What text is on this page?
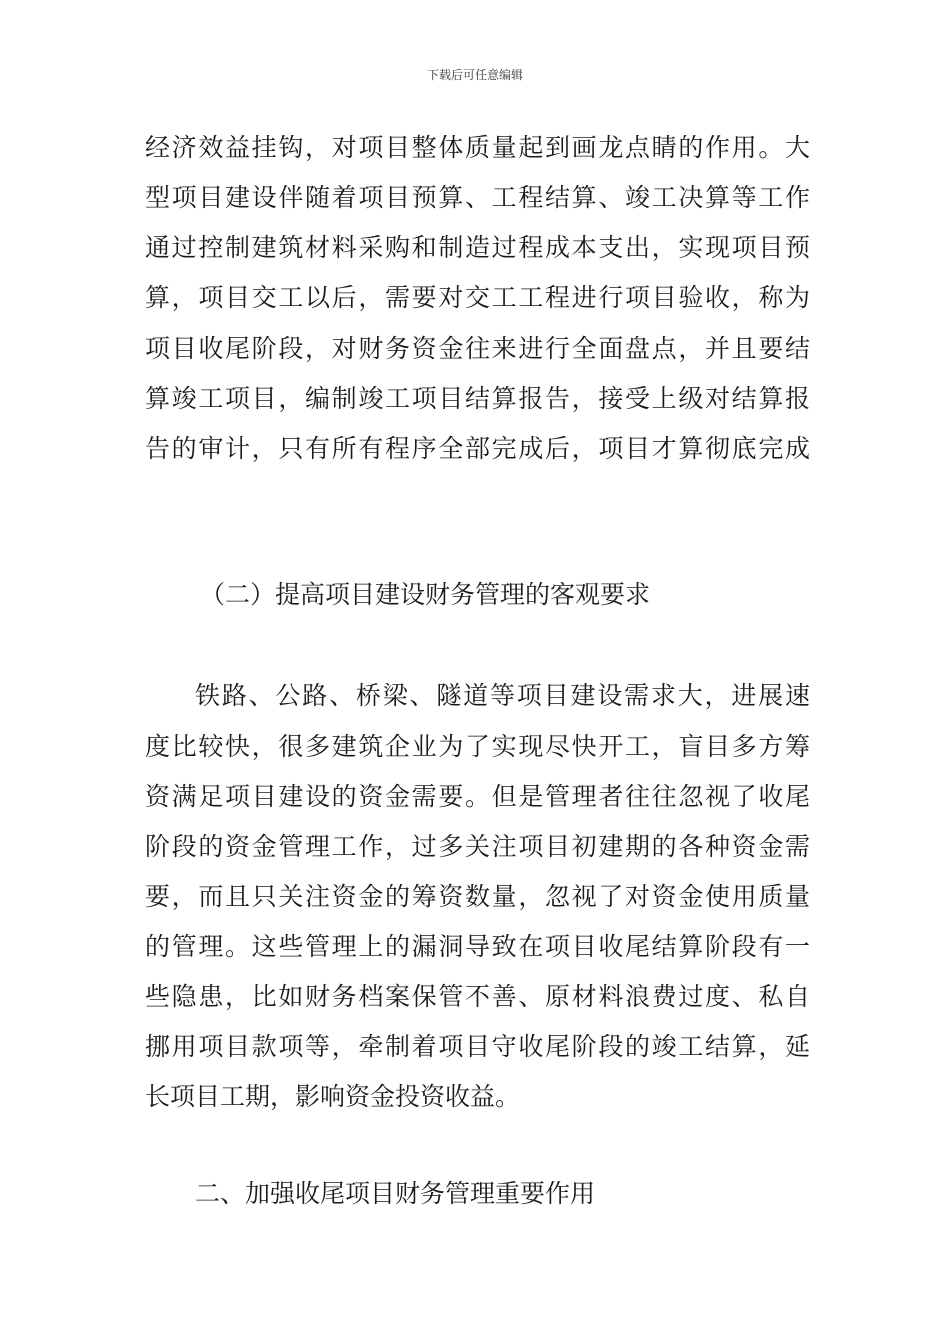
下载后可任意编辑
经济效益挂钩，对项目整体质量起到画龙点睛的作用。大
型项目建设伴随着项目预算、工程结算、竣工决算等工作
通过控制建筑材料采购和制造过程成本支出，实现项目预
算，项目交工以后，需要对交工工程进行项目验收，称为
项目收尾阶段，对财务资金往来进行全面盘点，并且要结
算竣工项目，编制竣工项目结算报告，接受上级对结算报
告的审计，只有所有程序全部完成后，项目才算彻底完成
（二）提高项目建设财务管理的客观要求
铁路、公路、桥梁、隧道等项目建设需求大，进展速
度比较快，很多建筑企业为了实现尽快开工，盲目多方筹
资满足项目建设的资金需要。但是管理者往往忽视了收尾
阶段的资金管理工作，过多关注项目初建期的各种资金需
要，而且只关注资金的筹资数量，忽视了对资金使用质量
的管理。这些管理上的漏洞导致在项目收尾结算阶段有一
些隐患，比如财务档案保管不善、原材料浪费过度、私自
挪用项目款项等，牵制着项目守收尾阶段的竣工结算，延
长项目工期，影响资金投资收益。
二、加强收尾项目财务管理重要作用
